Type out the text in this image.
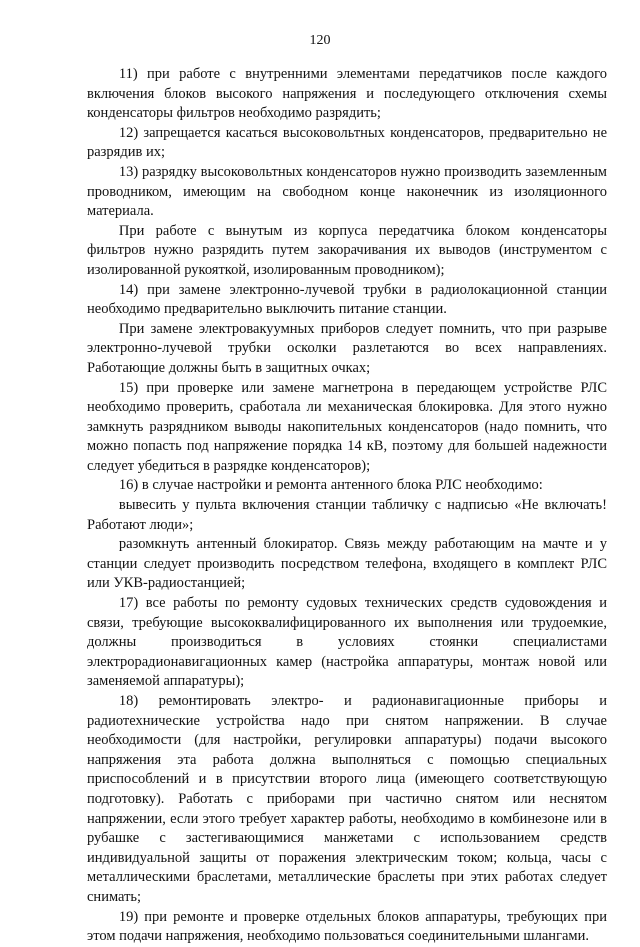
120

11) при работе с внутренними элементами передатчиков после каждого включения блоков высокого напряжения и последующего отключения схемы конденсаторы фильтров необходимо разрядить;

12) запрещается касаться высоковольтных конденсаторов, предварительно не разрядив их;

13) разрядку высоковольтных конденсаторов нужно производить заземленным проводником, имеющим на свободном конце наконечник из изоляционного материала.

При работе с вынутым из корпуса передатчика блоком конденсаторы фильтров нужно разрядить путем закорачивания их выводов (инструментом с изолированной рукояткой, изолированным проводником);

14) при замене электронно-лучевой трубки в радиолокационной станции необходимо предварительно выключить питание станции.

При замене электровакуумных приборов следует помнить, что при разрыве электронно-лучевой трубки осколки разлетаются во всех направлениях. Работающие должны быть в защитных очках;

15) при проверке или замене магнетрона в передающем устройстве РЛС необходимо проверить, сработала ли механическая блокировка. Для этого нужно замкнуть разрядником выводы накопительных конденсаторов (надо помнить, что можно попасть под напряжение порядка 14 кВ, поэтому для большей надежности следует убедиться в разрядке конденсаторов);

16) в случае настройки и ремонта антенного блока РЛС необходимо:

вывесить у пульта включения станции табличку с надписью «Не включать! Работают люди»;

разомкнуть антенный блокиратор. Связь между работающим на мачте и у станции следует производить посредством телефона, входящего в комплект РЛС или УКВ-радиостанцией;

17) все работы по ремонту судовых технических средств судовождения и связи, требующие высококвалифицированного их выполнения или трудоемкие, должны производиться в условиях стоянки специалистами электрорадионавигационных камер (настройка аппаратуры, монтаж новой или заменяемой аппаратуры);

18) ремонтировать электро- и радионавигационные приборы и радиотехнические устройства надо при снятом напряжении. В случае необходимости (для настройки, регулировки аппаратуры) подачи высокого напряжения эта работа должна выполняться с помощью специальных приспособлений и в присутствии второго лица (имеющего соответствующую подготовку). Работать с приборами при частично снятом или неснятом напряжении, если этого требует характер работы, необходимо в комбинезоне или в рубашке с застегивающимися манжетами с использованием средств индивидуальной защиты от поражения электрическим током; кольца, часы с металлическими браслетами, металлические браслеты при этих работах следует снимать;

19) при ремонте и проверке отдельных блоков аппаратуры, требующих при этом подачи напряжения, необходимо пользоваться соединительными шлангами.
